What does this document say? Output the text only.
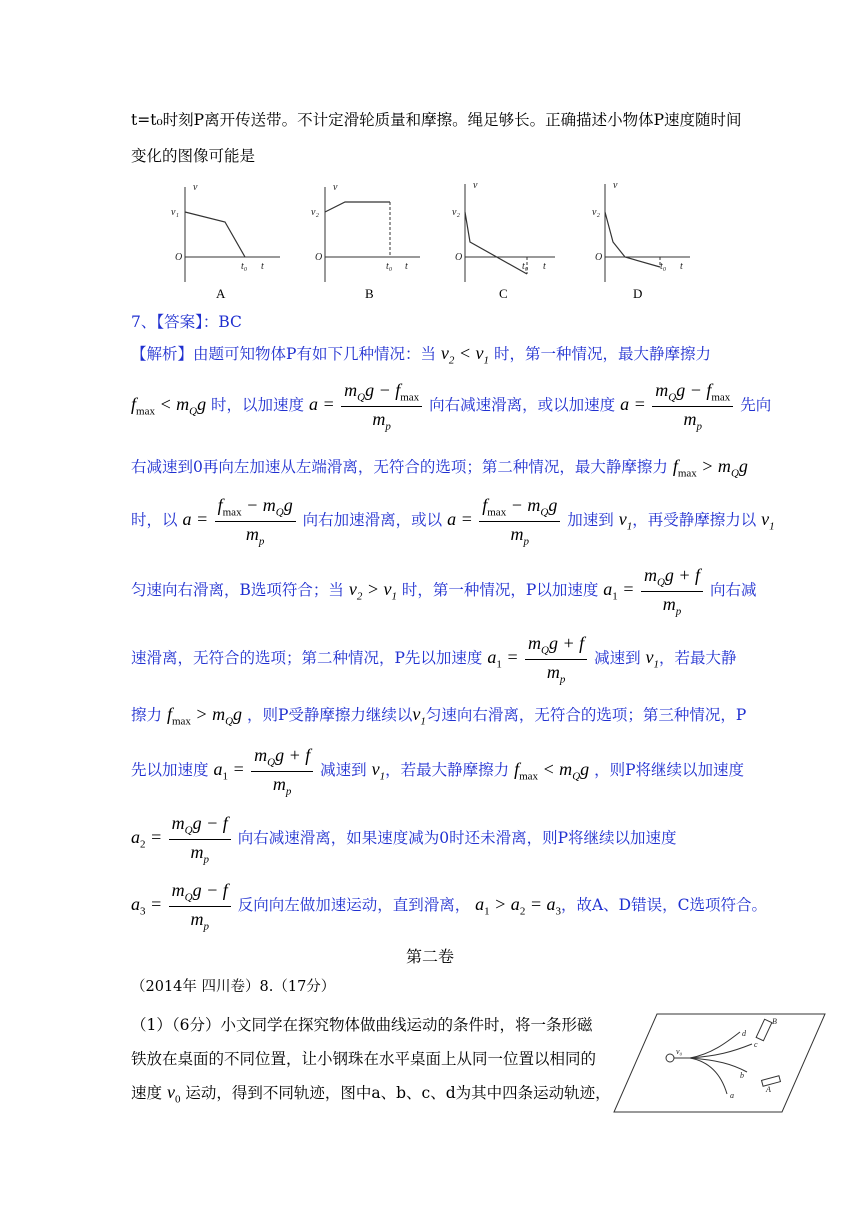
t=t₀时刻P离开传送带。不计定滑轮质量和摩擦。绳足够长。正确描述小物体P速度随时间
变化的图像可能是
v
v₁
O
t₀ t
v
v₂
O
t₀ t
v
v₂
O
t₀ t
v
v₂
O
t₀ t
A	B	C	D
7、【答案】：BC
【解析】由题可知物体P有如下几种情况：当 $v_2 < v_1$ 时，第一种情况，最大静摩擦力
$f_{max} < m_Qg$ 时，以加速度 $a = \frac{m_Qg - f_{max}}{m_p}$ 向右减速滑离，或以加速度 $a = \frac{m_Qg - f_{max}}{m_p}$ 先向
右减速到0再向左加速从左端滑离，无符合的选项；第二种情况，最大静摩擦力 $f_{max} > m_Qg$
时，以 $a = \frac{f_{max} - m_Qg}{m_p}$ 向右加速滑离，或以 $a = \frac{f_{max} - m_Qg}{m_p}$ 加速到 $v_1$，再受静摩擦力以 $v_1$
匀速向右滑离，B选项符合；当 $v_2 > v_1$ 时，第一种情况，P以加速度 $a_1 = \frac{m_Qg + f}{m_p}$ 向右减
速滑离，无符合的选项；第二种情况，P先以加速度 $a_1 = \frac{m_Qg + f}{m_p}$ 减速到 $v_1$，若最大静
擦力 $f_{max} > m_Qg$ ，则P受静摩擦力继续以$v_1$匀速向右滑离，无符合的选项；第三种情况，P
先以加速度 $a_1 = \frac{m_Qg + f}{m_p}$ 减速到 $v_1$，若最大静摩擦力 $f_{max} < m_Qg$ ，则P将继续以加速度
$a_2 = \frac{m_Qg - f}{m_p}$ 向右减速滑离，如果速度减为0时还未滑离，则P将继续以加速度
$a_3 = \frac{m_Qg - f}{m_p}$ 反向向左做加速运动，直到滑离， $a_1 > a_2 = a_3$，故A、D错误，C选项符合。
第二卷
（2014年 四川卷）8.（17分）
（1）（6分）小文同学在探究物体做曲线运动的条件时，将一条形磁
铁放在桌面的不同位置，让小钢珠在水平桌面上从同一位置以相同的
速度 $v_0$ 运动，得到不同轨迹，图中a、b、c、d为其中四条运动轨迹，
v₀
d
c
b
a
B
A
